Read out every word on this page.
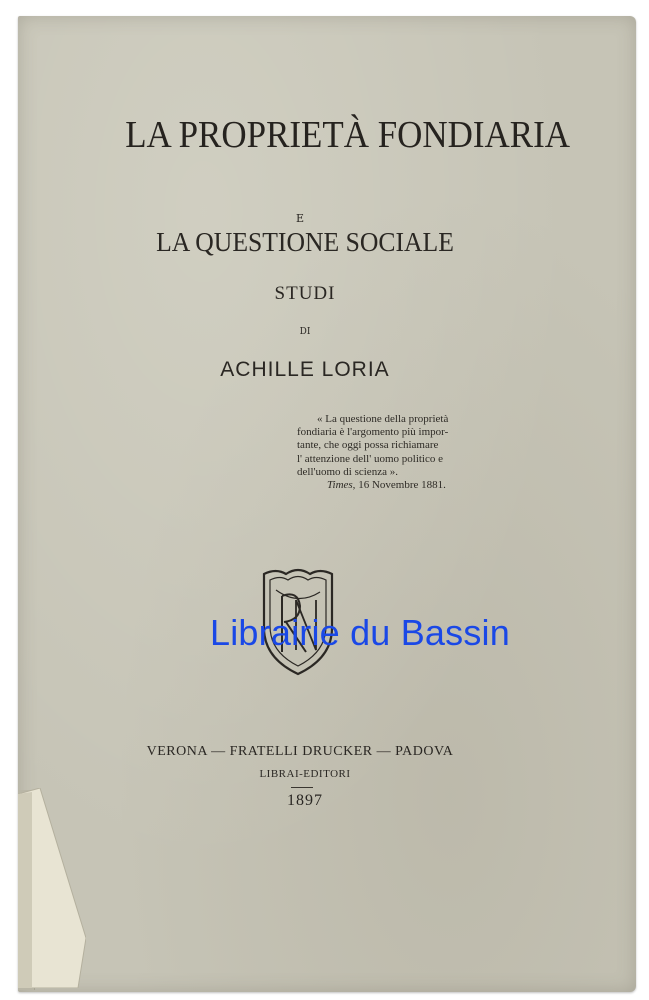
LA PROPRIETÀ FONDIARIA
E
LA QUESTIONE SOCIALE
STUDI
DI
ACHILLE LORIA
« La questione della proprietà
fondiaria è l'argomento più impor-
tante, che oggi possa richiamare
l' attenzione dell' uomo politico e
dell'uomo di scienza ».
Times, 16 Novembre 1881.
Librairie du Bassin
VERONA — FRATELLI DRUCKER — PADOVA
LIBRAI-EDITORI
1897
